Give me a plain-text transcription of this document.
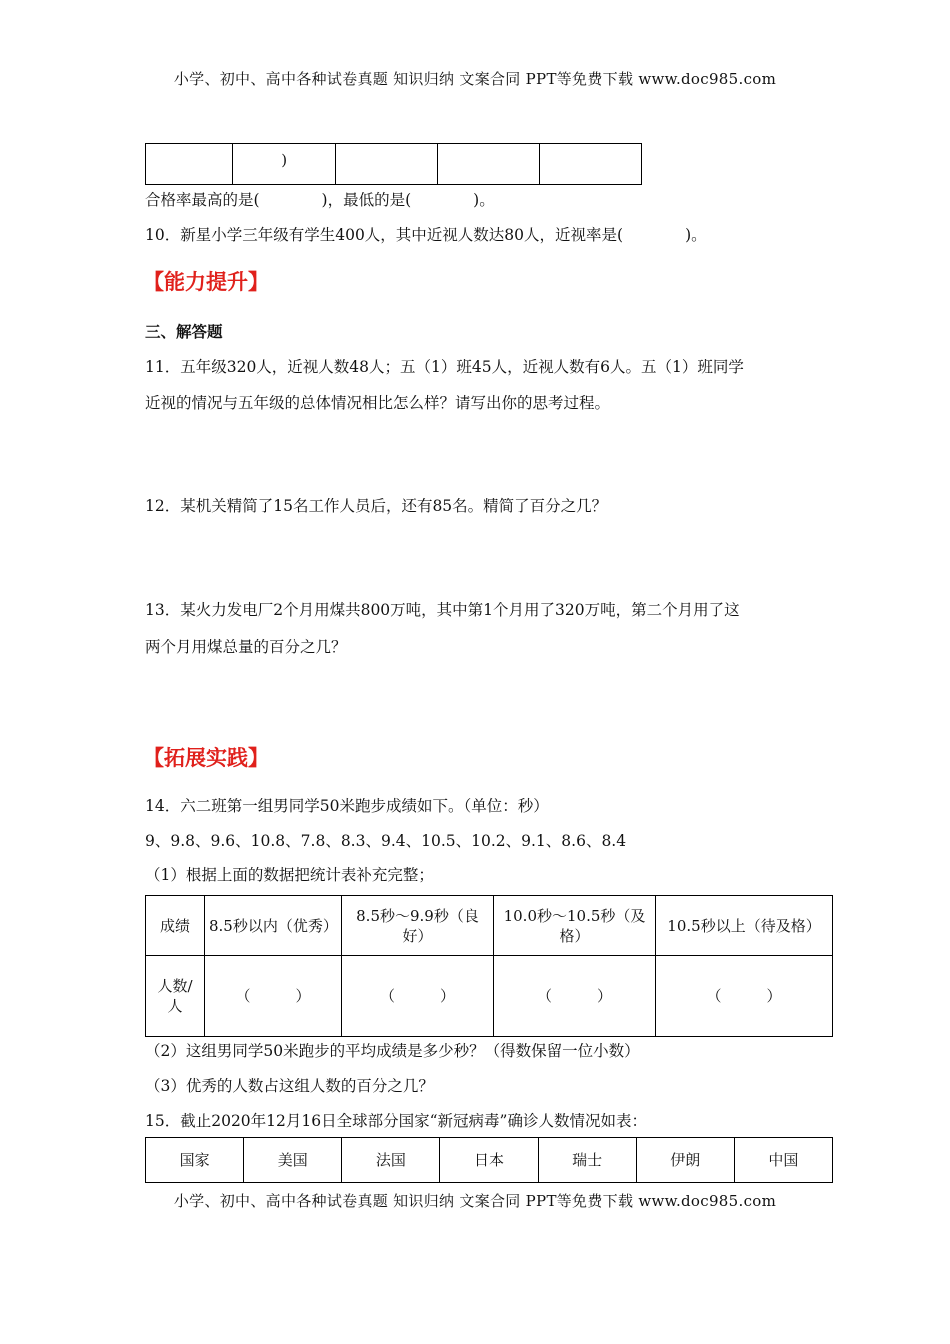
小学、初中、高中各种试卷真题 知识归纳 文案合同 PPT等免费下载 www.doc985.com
	)			
合格率最高的是(　　　　)，最低的是(　　　　)。
10．新星小学三年级有学生400人，其中近视人数达80人，近视率是(　　　　)。
【能力提升】
三、解答题
11．五年级320人，近视人数48人；五（1）班45人，近视人数有6人。五（1）班同学
近视的情况与五年级的总体情况相比怎么样？请写出你的思考过程。
12．某机关精简了15名工作人员后，还有85名。精简了百分之几？
13．某火力发电厂2个月用煤共800万吨，其中第1个月用了320万吨，第二个月用了这
两个月用煤总量的百分之几？
【拓展实践】
14．六二班第一组男同学50米跑步成绩如下。（单位：秒）
9、9.8、9.6、10.8、7.8、8.3、9.4、10.5、10.2、9.1、8.6、8.4
（1）根据上面的数据把统计表补充完整；
成绩	8.5秒以内（优秀）	8.5秒～9.9秒（良好）	10.0秒～10.5秒（及格）	10.5秒以上（待及格）
人数/人	（　　　）	（　　　）	（　　　）	（　　　）
（2）这组男同学50米跑步的平均成绩是多少秒？（得数保留一位小数）
（3）优秀的人数占这组人数的百分之几？
15．截止2020年12月16日全球部分国家“新冠病毒”确诊人数情况如表：
国家	美国	法国	日本	瑞士	伊朗	中国
小学、初中、高中各种试卷真题 知识归纳 文案合同 PPT等免费下载 www.doc985.com
